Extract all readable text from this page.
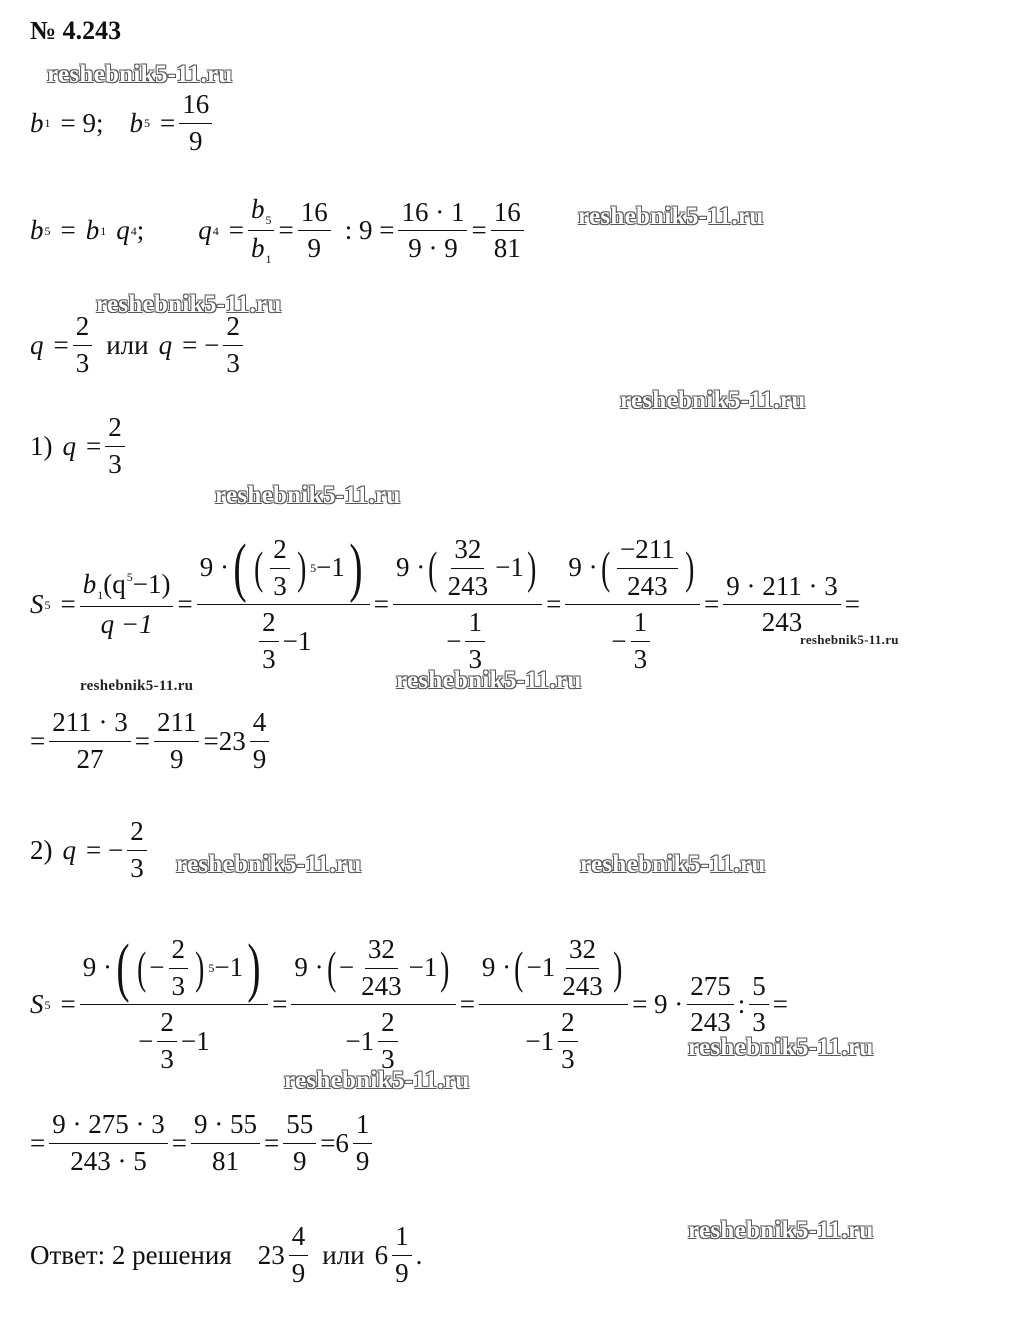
№ 4.243
reshebnik5-11.ru
reshebnik5-11.ru
reshebnik5-11.ru
reshebnik5-11.ru
reshebnik5-11.ru
reshebnik5-11.ru
reshebnik5-11.ru	reshebnik5-11.ru
reshebnik5-11.ru	reshebnik5-11.ru
reshebnik5-11.ru
reshebnik5-11.ru
reshebnik5-11.ru
b 1 = 9; b $5 = \frac{16}{9}$
b 5 = b 1 q 4 ; q $4 = \frac{b_5}{b_1} = \frac{16}{9}$ : $9 = \frac{16 \cdot 1}{9 \cdot 9} = \frac{16}{81}$
$q = \frac{2}{3}$ или q = − $\frac{2}{3}$
1) $q = \frac{2}{3}$
S $5 = \frac{b_1(q^5-1)}{q -1} = \frac{9 \cdot ( ( \frac{2}{3} ) 5 -1 )}{\frac{2}{3} -1} = \frac{9 \cdot ( \frac{32}{243} -1 )}{- \frac{1}{3}} = \frac{9 \cdot ( \frac{-211}{243} )}{- \frac{1}{3}} = \frac{9 \cdot 211 \cdot 3}{243}$ =
= $\frac{211 \cdot 3}{27} = \frac{211}{9} = 23 \frac{4}{9}$
2) q = − $\frac{2}{3}$
S $5 = \frac{9 \cdot ( ( - \frac{2}{3} ) 5 -1 )}{- \frac{2}{3} -1} = \frac{9 \cdot ( - \frac{32}{243} -1 )}{-1 \frac{2}{3}} = \frac{9 \cdot ( -1 \frac{32}{243} )}{-1 \frac{2}{3}} = 9 \cdot \frac{275}{243}$ : $\frac{5}{3}$ =
= $\frac{9 \cdot 275 \cdot 3}{243 \cdot 5} = \frac{9 \cdot 55}{81} = \frac{55}{9} = 6 \frac{1}{9}$
Ответ: 2 решения $23 \frac{4}{9}$ или $6 \frac{1}{9}$ .
